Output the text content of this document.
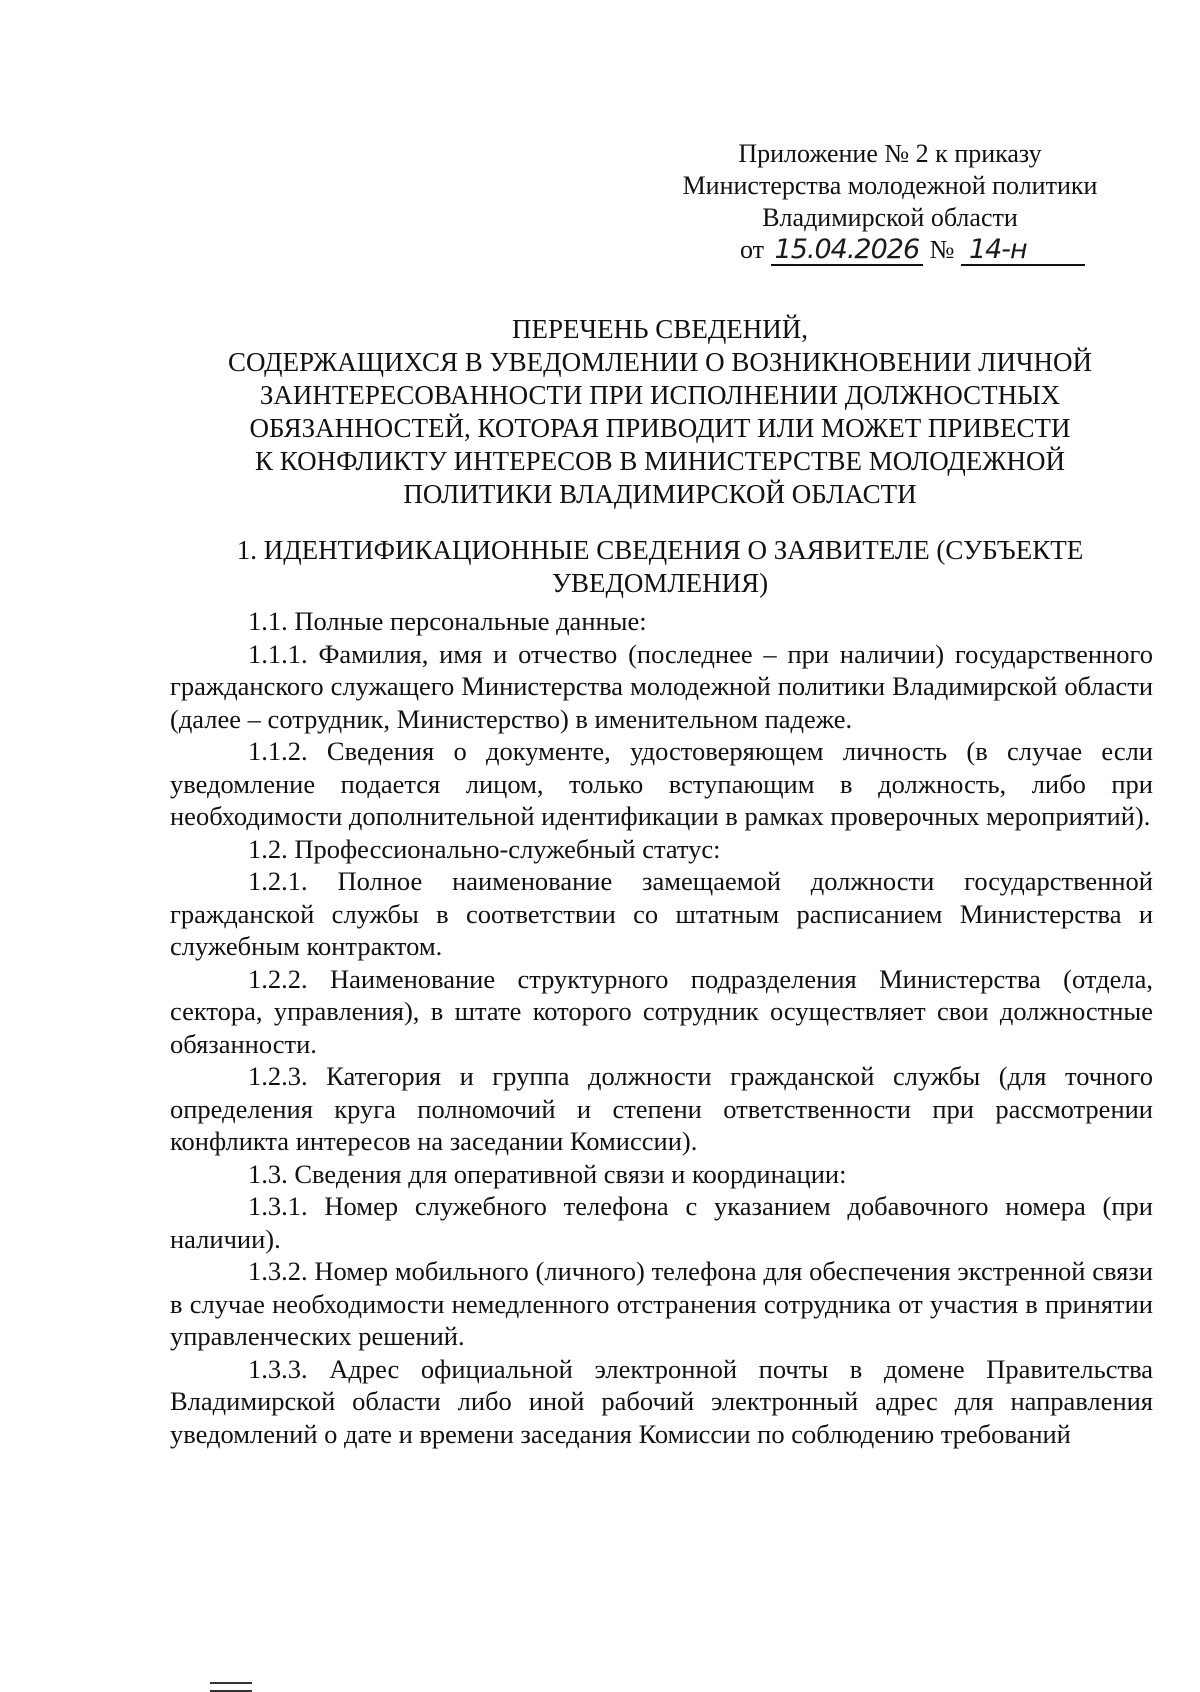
Приложение № 2 к приказу
Министерства молодежной политики
Владимирской области
от 15.04.2026 № 14-н
ПЕРЕЧЕНЬ СВЕДЕНИЙ,
СОДЕРЖАЩИХСЯ В УВЕДОМЛЕНИИ О ВОЗНИКНОВЕНИИ ЛИЧНОЙ
ЗАИНТЕРЕСОВАННОСТИ ПРИ ИСПОЛНЕНИИ ДОЛЖНОСТНЫХ
ОБЯЗАННОСТЕЙ, КОТОРАЯ ПРИВОДИТ ИЛИ МОЖЕТ ПРИВЕСТИ
К КОНФЛИКТУ ИНТЕРЕСОВ В МИНИСТЕРСТВЕ МОЛОДЕЖНОЙ
ПОЛИТИКИ ВЛАДИМИРСКОЙ ОБЛАСТИ
1. ИДЕНТИФИКАЦИОННЫЕ СВЕДЕНИЯ О ЗАЯВИТЕЛЕ (СУБЪЕКТЕ
УВЕДОМЛЕНИЯ)

1.1. Полные персональные данные:

1.1.1. Фамилия, имя и отчество (последнее – при наличии) государственного гражданского служащего Министерства молодежной политики Владимирской области (далее – сотрудник, Министерство) в именительном падеже.

1.1.2. Сведения о документе, удостоверяющем личность (в случае если уведомление подается лицом, только вступающим в должность, либо при необходимости дополнительной идентификации в рамках проверочных мероприятий).

1.2. Профессионально-служебный статус:

1.2.1. Полное наименование замещаемой должности государственной гражданской службы в соответствии со штатным расписанием Министерства и служебным контрактом.

1.2.2. Наименование структурного подразделения Министерства (отдела, сектора, управления), в штате которого сотрудник осуществляет свои должностные обязанности.

1.2.3. Категория и группа должности гражданской службы (для точного определения круга полномочий и степени ответственности при рассмотрении конфликта интересов на заседании Комиссии).

1.3. Сведения для оперативной связи и координации:

1.3.1. Номер служебного телефона с указанием добавочного номера (при наличии).

1.3.2. Номер мобильного (личного) телефона для обеспечения экстренной связи в случае необходимости немедленного отстранения сотрудника от участия в принятии управленческих решений.

1.3.3. Адрес официальной электронной почты в домене Правительства Владимирской области либо иной рабочий электронный адрес для направления уведомлений о дате и времени заседания Комиссии по соблюдению требований
